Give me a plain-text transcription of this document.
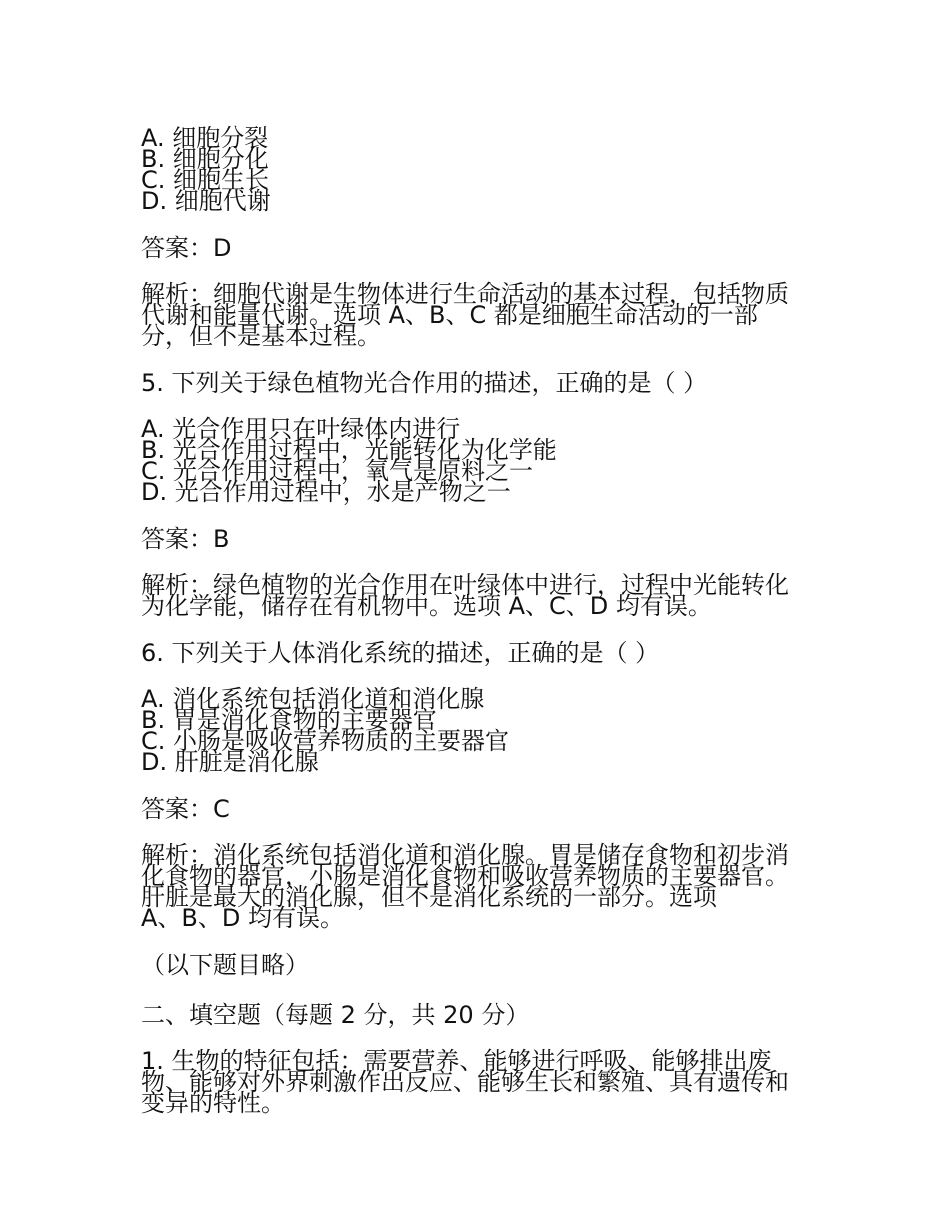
A. 细胞分裂
B. 细胞分化
C. 细胞生长
D. 细胞代谢
答案：D
解析：细胞代谢是生物体进行生命活动的基本过程，包括物质
代谢和能量代谢。选项 A、B、C 都是细胞生命活动的一部
分，但不是基本过程。
5. 下列关于绿色植物光合作用的描述，正确的是（ ）
A. 光合作用只在叶绿体内进行
B. 光合作用过程中，光能转化为化学能
C. 光合作用过程中，氧气是原料之一
D. 光合作用过程中，水是产物之一
答案：B
解析：绿色植物的光合作用在叶绿体中进行，过程中光能转化
为化学能，储存在有机物中。选项 A、C、D 均有误。
6. 下列关于人体消化系统的描述，正确的是（ ）
A. 消化系统包括消化道和消化腺
B. 胃是消化食物的主要器官
C. 小肠是吸收营养物质的主要器官
D. 肝脏是消化腺
答案：C
解析：消化系统包括消化道和消化腺。胃是储存食物和初步消
化食物的器官，小肠是消化食物和吸收营养物质的主要器官。
肝脏是最大的消化腺，但不是消化系统的一部分。选项
A、B、D 均有误。
（以下题目略）
二、填空题（每题 2 分，共 20 分）
1. 生物的特征包括：需要营养、能够进行呼吸、能够排出废
物、能够对外界刺激作出反应、能够生长和繁殖、具有遗传和
变异的特性。
